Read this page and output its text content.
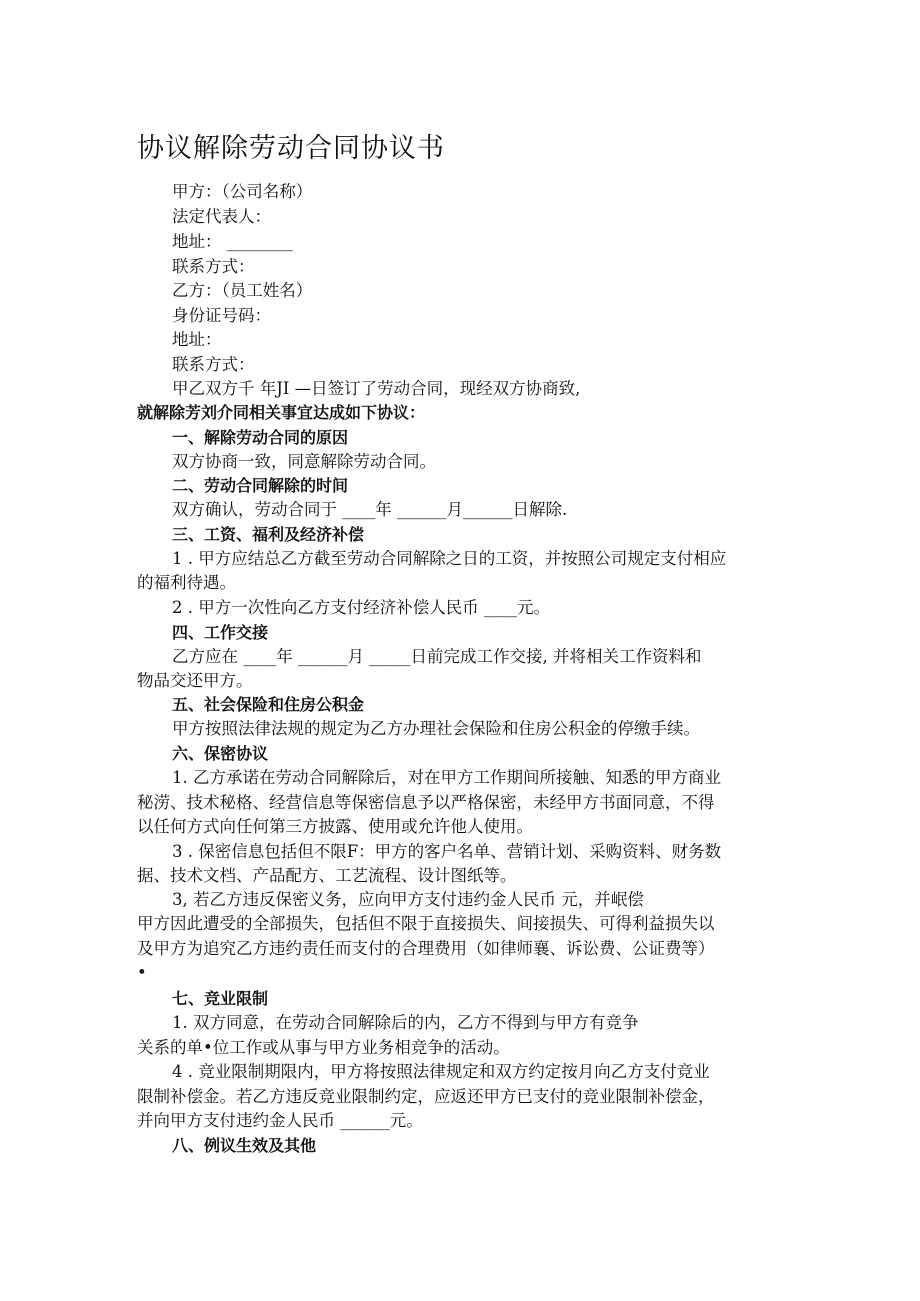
协议解除劳动合同协议书
甲方：（公司名称）
法定代表人：
地址： ________
联系方式：
乙方：（员工姓名）
身份证号码：
地址：
联系方式：
甲乙双方千 年JI —日签订了劳动合同，现经双方协商致,
就解除芳刘介同相关事宜达成如下协议：
一、解除劳动合同的原因
双方协商一致，同意解除劳动合同。
二、劳动合同解除的时间
双方确认，劳动合同于 ____年 ______月______日解除.
三、工资、福利及经济补偿
1 . 甲方应结总乙方截至劳动合同解除之日的工资，并按照公司规定支付相应
的福利待遇。
2 . 甲方一次性向乙方支付经济补偿人民币 ____元。
四、工作交接
乙方应在 ____年 ______月 _____日前完成工作交接, 并将相关工作资料和
物品交还甲方。
五、社会保险和住房公积金
甲方按照法律法规的规定为乙方办理社会保险和住房公积金的停缴手续。
六、保密协议
1. 乙方承诺在劳动合同解除后，对在甲方工作期间所接触、知悉的甲方商业
秘涝、技术秘格、经营信息等保密信息予以严格保密，未经甲方书面同意，不得
以任何方式向任何第三方披露、使用或允许他人使用。
3 . 保密信息包括但不限F：甲方的客户名单、营销计划、采购资料、财务数
据、技术文档、产品配方、工艺流程、设计图纸等。
3, 若乙方违反保密义务，应向甲方支付违约金人民币 元，并岷偿
甲方因此遭受的全部损失，包括但不限于直接损失、间接损失、可得利益损失以
及甲方为追究乙方违约责任而支付的合理费用（如律师襄、诉讼费、公证费等）
•
七、竞业限制
1. 双方同意，在劳动合同解除后的内，乙方不得到与甲方有竞争
关系的单•位工作或从事与甲方业务相竞争的活动。
4 . 竞业限制期限内，甲方将按照法律规定和双方约定按月向乙方支付竞业
限制补偿金。若乙方违反竞业限制约定，应返还甲方已支付的竞业限制补偿金，
并向甲方支付违约金人民币 ______元。
八、例议生效及其他
